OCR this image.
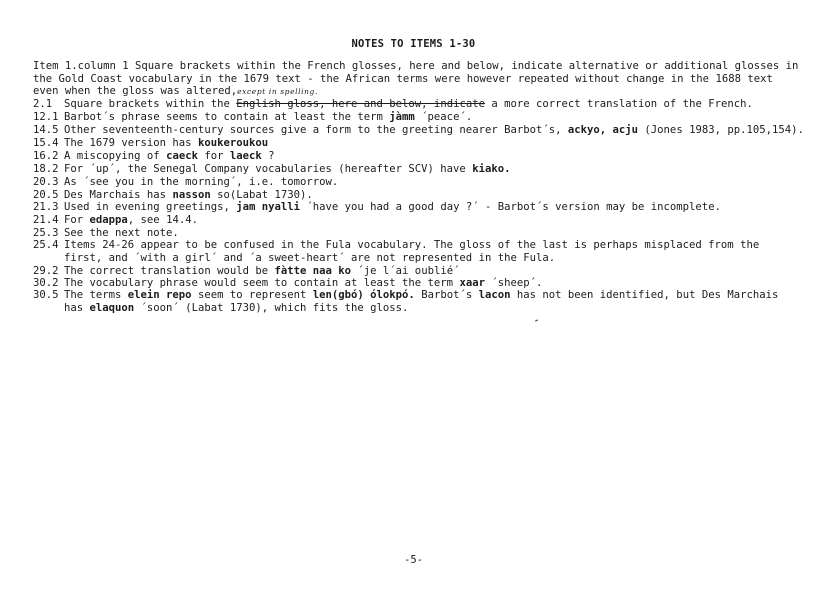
NOTES TO ITEMS 1-30
Item 1.column 1 Square brackets within the French glosses, here and below, indicate alternative or additional glosses in
the Gold Coast vocabulary in the 1679 text - the African terms were however repeated without change in the 1688 text
even when the gloss was altered,except in spelling.
2.1	Square brackets within the English gloss, here and below, indicate a more correct translation of the French.
12.1 Barbot´s phrase seems to contain at least the term jàmm ´peace´.
14.5 Other seventeenth-century sources give a form to the greeting nearer Barbot´s, ackyo, acju (Jones 1983, pp.105,154).
15.4 The 1679 version has koukeroukou
16.2 A miscopying of caeck for laeck ?
18.2 For ´up´, the Senegal Company vocabularies (hereafter SCV) have kiako.
20.3 As ´see you in the morning´, i.e. tomorrow.
20.5 Des Marchais has nasson so(Labat 1730).
21.3 Used in evening greetings, jam nyalli ´have you had a good day ?´ - Barbot´s version may be incomplete.
21.4 For edappa, see 14.4.
25.3 See the next note.
25.4 Items 24-26 appear to be confused in the Fula vocabulary. The gloss of the last is perhaps misplaced from the
first, and ´with a girl´ and ´a sweet-heart´ are not represented in the Fula.
29.2 The correct translation would be fàtte naa ko ´je l´ai oublié´
30.2 The vocabulary phrase would seem to contain at least the term xaar ´sheep´.
30.5 The terms elein repo seem to represent len(gbó) ólokpó. Barbot´s lacon has not been identified, but Des Marchais
has elaquon ´soon´ (Labat 1730), which fits the gloss.
-5-
